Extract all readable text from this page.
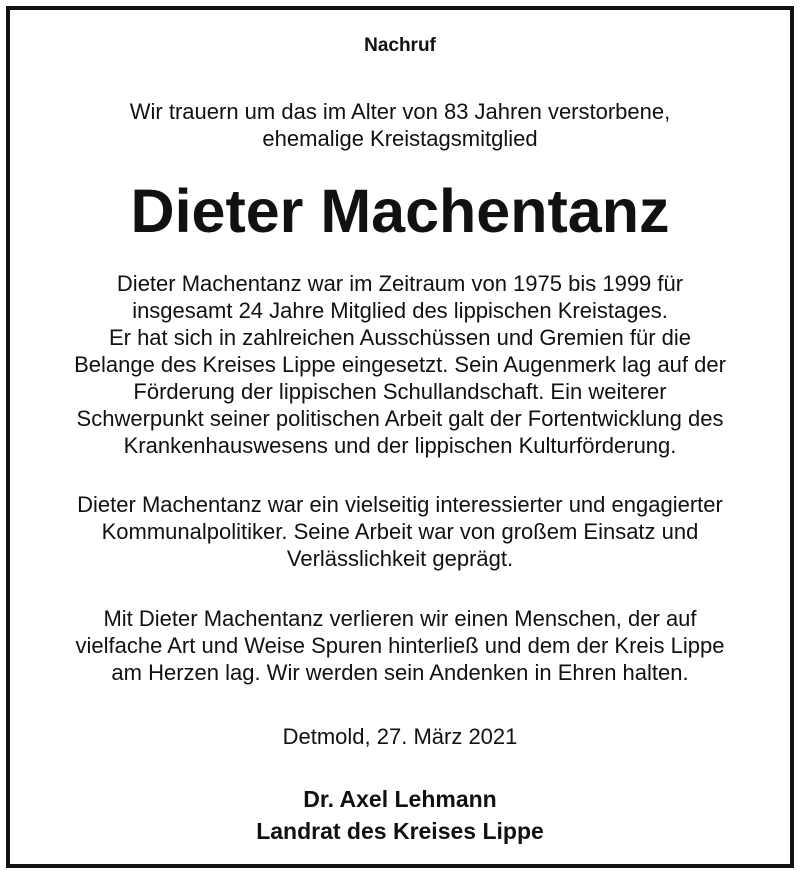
Nachruf
Wir trauern um das im Alter von 83 Jahren verstorbene,
ehemalige Kreistagsmitglied
Dieter Machentanz
Dieter Machentanz war im Zeitraum von 1975 bis 1999 für
insgesamt 24 Jahre Mitglied des lippischen Kreistages.
Er hat sich in zahlreichen Ausschüssen und Gremien für die
Belange des Kreises Lippe eingesetzt. Sein Augenmerk lag auf der
Förderung der lippischen Schullandschaft. Ein weiterer
Schwerpunkt seiner politischen Arbeit galt der Fortentwicklung des
Krankenhauswesens und der lippischen Kulturförderung.
Dieter Machentanz war ein vielseitig interessierter und engagierter
Kommunalpolitiker. Seine Arbeit war von großem Einsatz und
Verlässlichkeit geprägt.
Mit Dieter Machentanz verlieren wir einen Menschen, der auf
vielfache Art und Weise Spuren hinterließ und dem der Kreis Lippe
am Herzen lag. Wir werden sein Andenken in Ehren halten.
Detmold, 27. März 2021
Dr. Axel Lehmann
Landrat des Kreises Lippe
